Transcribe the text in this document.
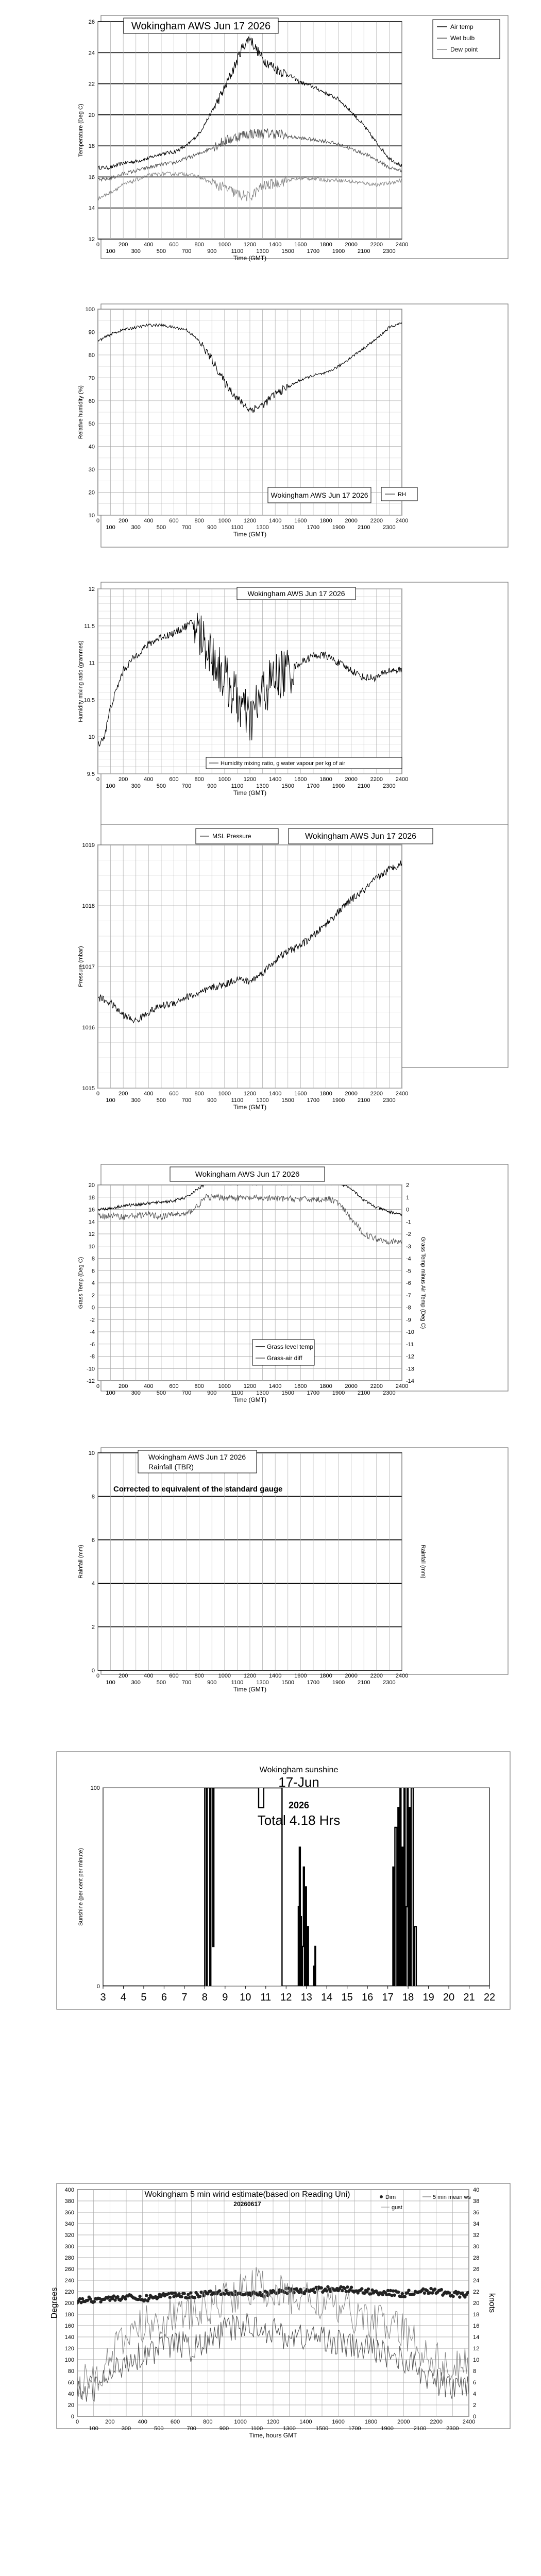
12
14
16
18
20
22
24
26
0	200	400	600	800	1000 1200 1400 1600 1800 2000 2200 2400
100	300	500	700	900	1100 1300 1500 1700 1900 2100 2300
Time (GMT)
Temperature (Deg C)
Wokingham AWS Jun 17 2026	Air temp
Wet bulb
Dew point
10
20
30
40
50
60
70
80
90
100
0	200	400	600	800	1000 1200 1400 1600 1800 2000 2200 2400
100	300	500	700	900	1100 1300 1500 1700 1900 2100 2300
Time (GMT)
Relative humidity (%)
Wokingham AWS Jun 17 2026	RH
9.5
10
10.5
11
11.5
12
0	200	400	600	800	1000 1200 1400 1600 1800 2000 2200 2400
100	300	500	700	900	1100 1300 1500 1700 1900 2100 2300
Time (GMT)
Humidity mixing ratio (grammes)
Wokingham AWS Jun 17 2026
Humidity mixing ratio, g water vapour per kg of air
1015
1016
1017
1018
1019
0	200	400	600	800	1000 1200 1400 1600 1800 2000 2200 2400
100	300	500	700	900	1100 1300 1500 1700 1900 2100 2300
Time (GMT)
Pressure (mbar)
MSL Pressure	Wokingham AWS Jun 17 2026
-12
-10
-8
-6
-4
-2
0
2
4
6
8
10
12
14
16
18
20
0	200	400	600	800	1000 1200 1400 1600 1800 2000 2200 2400
100	300	500	700	900	1100 1300 1500 1700 1900 2100 2300
Time (GMT)
Grass Temp (Deg C)
-14
-13
-12
-11
-10
-9
-8
-7
-6
-5
-4
-3
-2
-1
0
1
2
Grass Temp minus Air Temp (Deg C)
Wokingham AWS Jun 17 2026
Grass level temp
Grass-air diff
0
2
4
6
8
10
0	200	400	600	800	1000 1200 1400 1600 1800 2000 2200 2400
100	300	500	700	900	1100 1300 1500 1700 1900 2100 2300
Time (GMT)
Rainfall (mm)	Rainfall (mm)
Wokingham AWS Jun 17 2026
Rainfall (TBR)
Corrected to equivalent of the standard gauge
0
100
3 4 5 6 7 8 9 10 11 12 13 14 15 16 17 18 19 20 21 22
Sunshine (per cent per minute)
Wokingham sunshine
17-Jun
2026
Total 4.18 Hrs
0
20
40
60
80
100
120
140
160
180
200
220
240
260
280
300
320
340
360
380
400
0	200	400	600	800	1000	1200	1400	1600	1800	2000	2200	2400
100	300	500	700	900	1100	1300	1500	1700	1900	2100	2300
Time, hours GMT
Degrees
0
2
4
6
8
10
12
14
16
18
20
22
24
26
28
30
32
34
36
38
40
knots
Wokingham 5 min wind estimate(based on Reading Uni)
20260617
Dirn	5 min mean ws
gust
